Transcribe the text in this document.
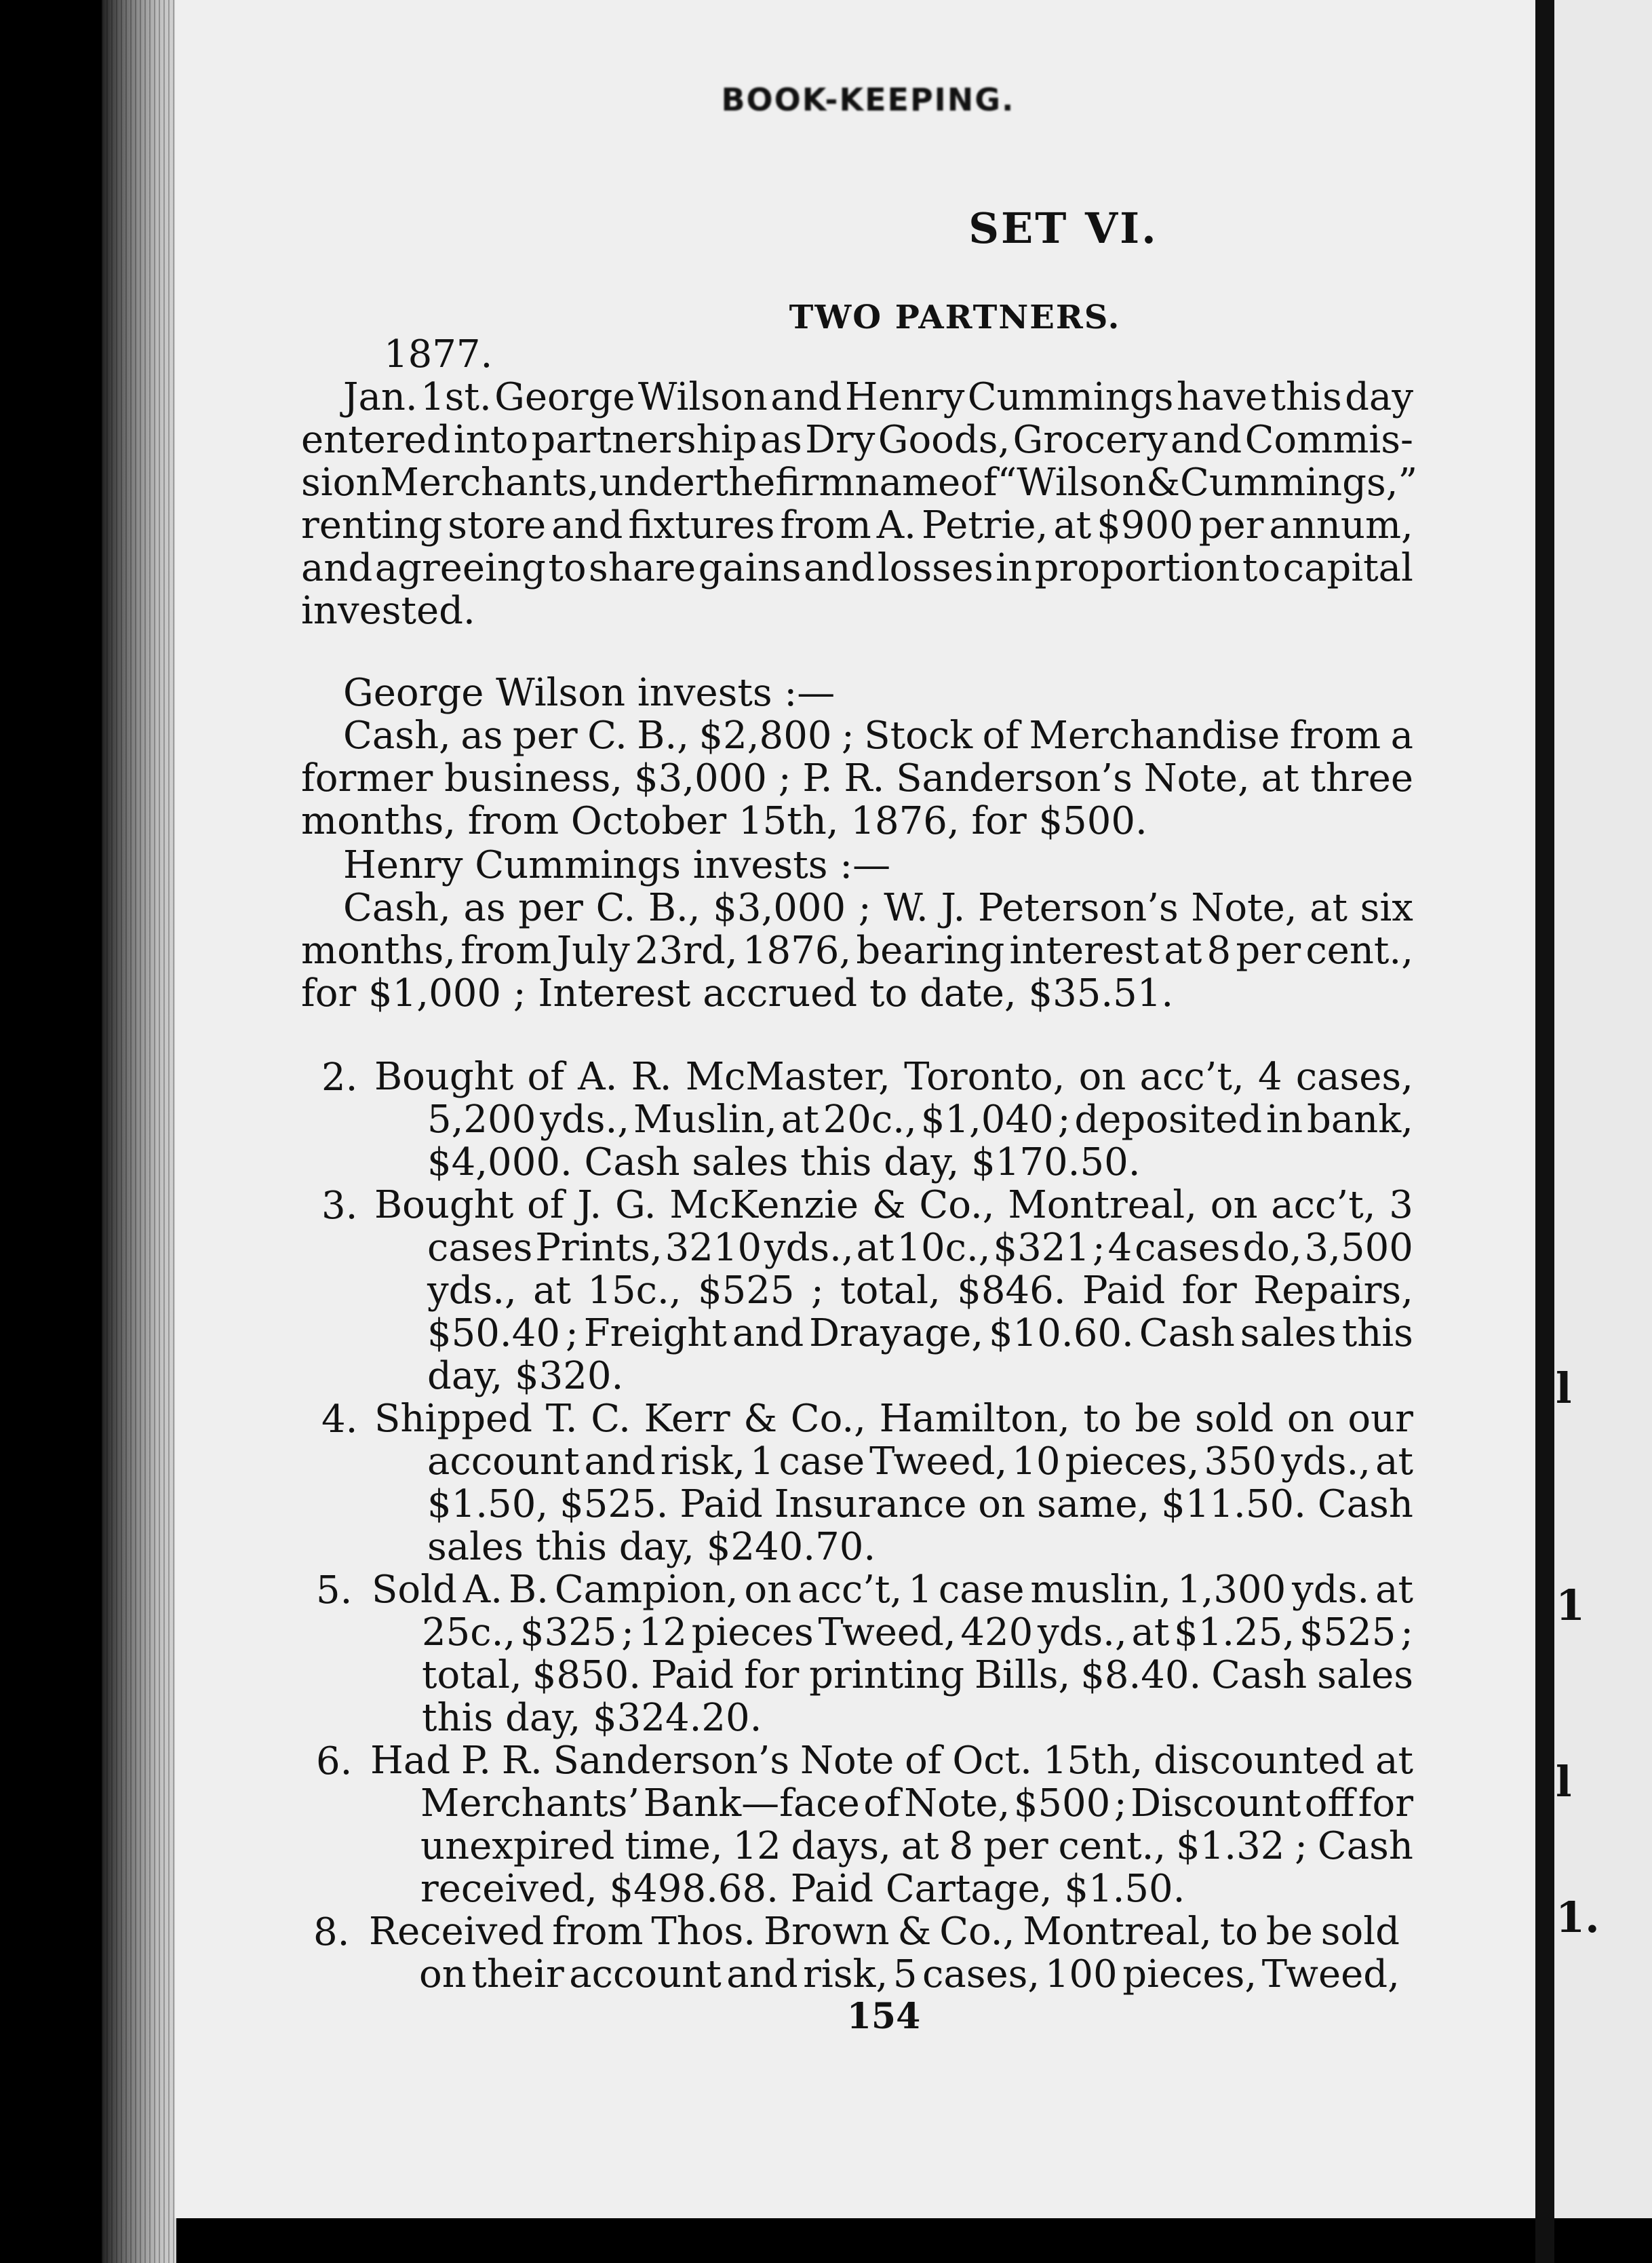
l
1
l
1.
BOOK-KEEPING.
SET VI.
TWO PARTNERS.
1877.
Jan. 1st. George Wilson and Henry Cummings have this day
entered into partnership as Dry Goods, Grocery and Commis-
sion Merchants, under the firm name of “ Wilson & Cummings,”
renting store and fixtures from A. Petrie, at $900 per annum,
and agreeing to share gains and losses in proportion to capital
invested.
George Wilson invests :—
Cash, as per C. B., $2,800 ; Stock of Merchandise from a
former business, $3,000 ; P. R. Sanderson’s Note, at three
months, from October 15th, 1876, for $500.
Henry Cummings invests :—
Cash, as per C. B., $3,000 ; W. J. Peterson’s Note, at six
months, from July 23rd, 1876, bearing interest at 8 per cent.,
for $1,000 ; Interest accrued to date, $35.51.
2. Bought of A. R. McMaster, Toronto, on acc’t, 4 cases,
5,200 yds., Muslin, at 20c., $1,040 ; deposited in bank,
$4,000. Cash sales this day, $170.50.
3. Bought of J. G. McKenzie & Co., Montreal, on acc’t, 3
cases Prints, 3210 yds., at 10c., $321 ; 4 cases do, 3,500
yds., at 15c., $525 ; total, $846. Paid for Repairs,
$50.40 ; Freight and Drayage, $10.60. Cash sales this
day, $320.
4. Shipped T. C. Kerr & Co., Hamilton, to be sold on our
account and risk, 1 case Tweed, 10 pieces, 350 yds., at
$1.50, $525. Paid Insurance on same, $11.50. Cash
sales this day, $240.70.
5. Sold A. B. Campion, on acc’t, 1 case muslin, 1,300 yds. at
25c., $325 ; 12 pieces Tweed, 420 yds., at $1.25, $525 ;
total, $850. Paid for printing Bills, $8.40. Cash sales
this day, $324.20.
6. Had P. R. Sanderson’s Note of Oct. 15th, discounted at
Merchants’ Bank—face of Note, $500 ; Discount off for
unexpired time, 12 days, at 8 per cent., $1.32 ; Cash
received, $498.68. Paid Cartage, $1.50.
8. Received from Thos. Brown & Co., Montreal, to be sold
on their account and risk, 5 cases, 100 pieces, Tweed,
154
